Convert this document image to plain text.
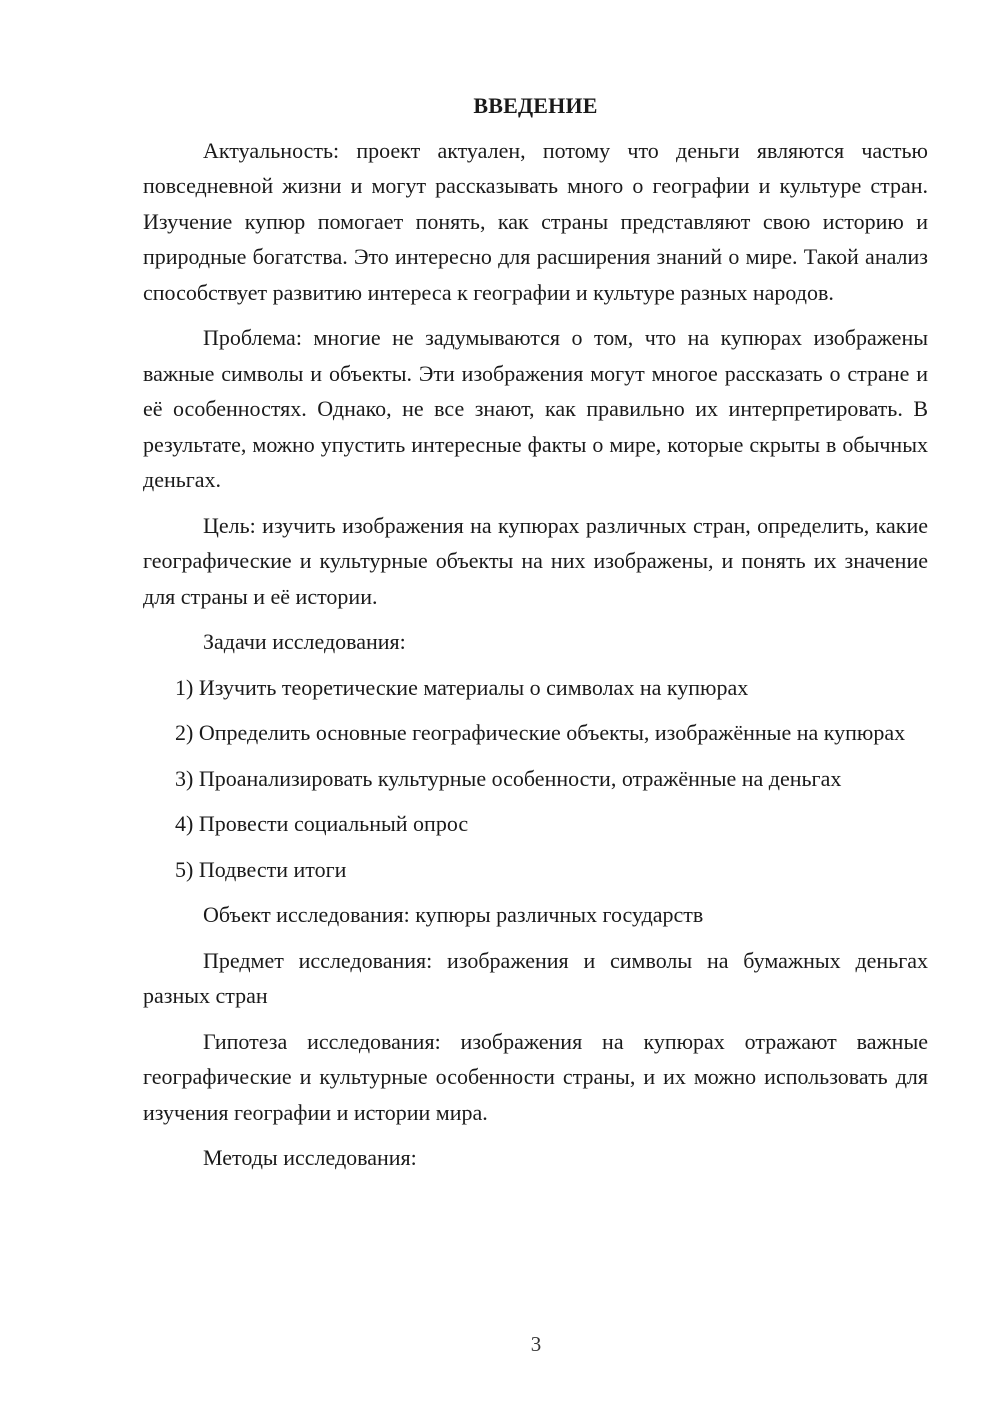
ВВЕДЕНИЕ

Актуальность: проект актуален, потому что деньги являются частью повседневной жизни и могут рассказывать много о географии и культуре стран. Изучение купюр помогает понять, как страны представляют свою историю и природные богатства. Это интересно для расширения знаний о мире. Такой анализ способствует развитию интереса к географии и культуре разных народов.

Проблема: многие не задумываются о том, что на купюрах изображены важные символы и объекты. Эти изображения могут многое рассказать о стране и её особенностях. Однако, не все знают, как правильно их интерпретировать. В результате, можно упустить интересные факты о мире, которые скрыты в обычных деньгах.

Цель: изучить изображения на купюрах различных стран, определить, какие географические и культурные объекты на них изображены, и понять их значение для страны и её истории.

Задачи исследования:

1) Изучить теоретические материалы о символах на купюрах

2) Определить основные географические объекты, изображённые на купюрах

3) Проанализировать культурные особенности, отражённые на деньгах

4) Провести социальный опрос

5) Подвести итоги

Объект исследования: купюры различных государств

Предмет исследования: изображения и символы на бумажных деньгах разных стран

Гипотеза исследования: изображения на купюрах отражают важные географические и культурные особенности страны, и их можно использовать для изучения географии и истории мира.

Методы исследования:

3
